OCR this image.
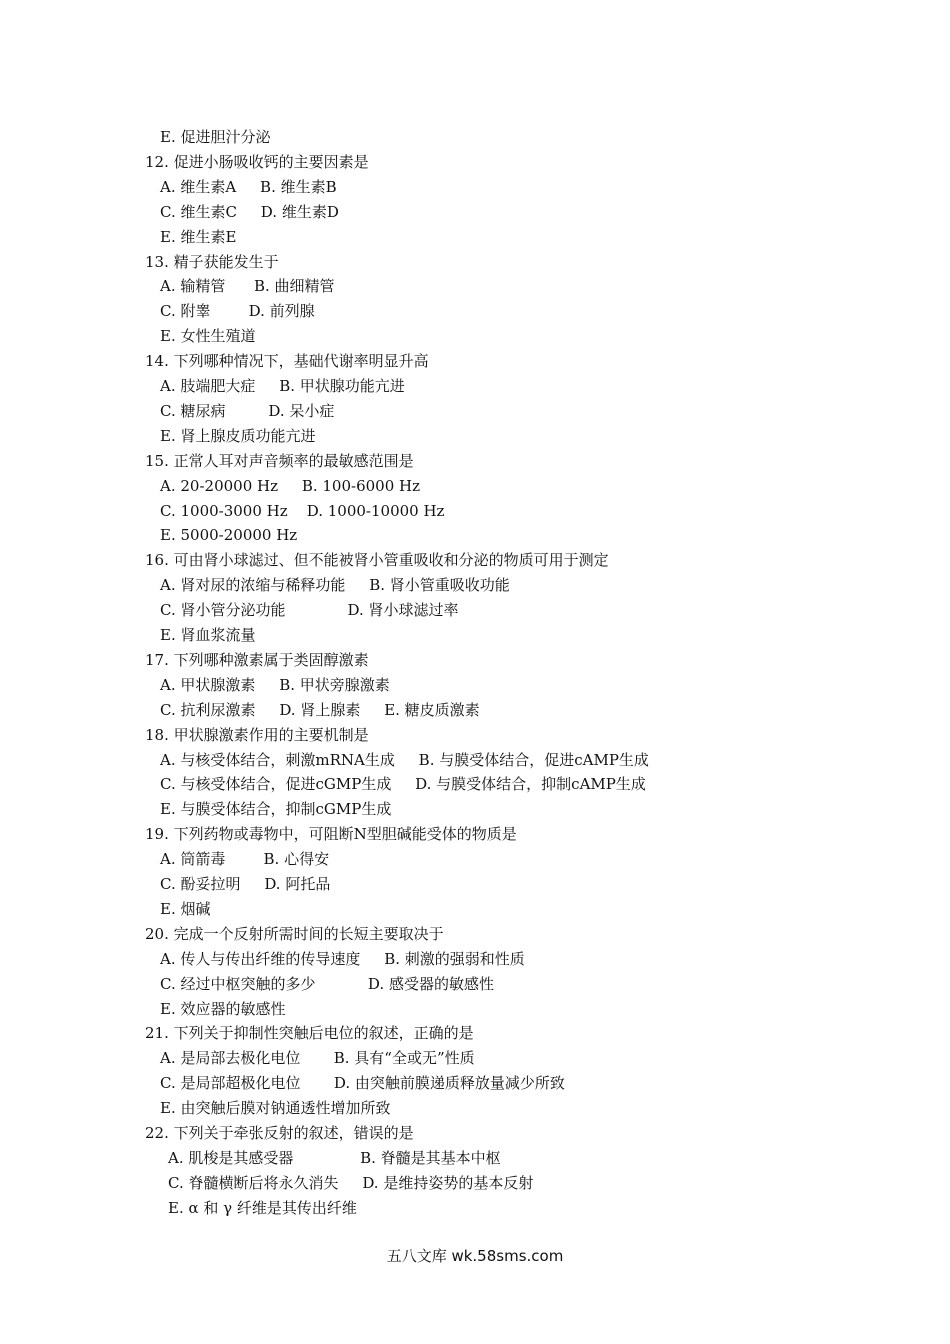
E. 促进胆汁分泌
12. 促进小肠吸收钙的主要因素是
A. 维生素A     B. 维生素B
C. 维生素C     D. 维生素D
E. 维生素E
13. 精子获能发生于
A. 输精管      B. 曲细精管
C. 附睾        D. 前列腺
E. 女性生殖道
14. 下列哪种情况下，基础代谢率明显升高
A. 肢端肥大症     B. 甲状腺功能亢进
C. 糖尿病         D. 呆小症
E. 肾上腺皮质功能亢进
15. 正常人耳对声音频率的最敏感范围是
A. 20-20000 Hz     B. 100-6000 Hz
C. 1000-3000 Hz    D. 1000-10000 Hz
E. 5000-20000 Hz
16. 可由肾小球滤过、但不能被肾小管重吸收和分泌的物质可用于测定
A. 肾对尿的浓缩与稀释功能     B. 肾小管重吸收功能
C. 肾小管分泌功能             D. 肾小球滤过率
E. 肾血浆流量
17. 下列哪种激素属于类固醇激素
A. 甲状腺激素     B. 甲状旁腺激素
C. 抗利尿激素     D. 肾上腺素     E. 糖皮质激素
18. 甲状腺激素作用的主要机制是
A. 与核受体结合，刺激mRNA生成     B. 与膜受体结合，促进cAMP生成
C. 与核受体结合，促进cGMP生成     D. 与膜受体结合，抑制cAMP生成
E. 与膜受体结合，抑制cGMP生成
19. 下列药物或毒物中，可阻断N型胆碱能受体的物质是
A. 筒箭毒        B. 心得安
C. 酚妥拉明     D. 阿托品
E. 烟碱
20. 完成一个反射所需时间的长短主要取决于
A. 传人与传出纤维的传导速度     B. 刺激的强弱和性质
C. 经过中枢突触的多少           D. 感受器的敏感性
E. 效应器的敏感性
21. 下列关于抑制性突触后电位的叙述，正确的是
A. 是局部去极化电位       B. 具有“全或无”性质
C. 是局部超极化电位       D. 由突触前膜递质释放量减少所致
E. 由突触后膜对钠通透性增加所致
22. 下列关于牵张反射的叙述，错误的是
A. 肌梭是其感受器              B. 脊髓是其基本中枢
C. 脊髓横断后将永久消失     D. 是维持姿势的基本反射
E. α 和 γ 纤维是其传出纤维
五八文库 wk.58sms.com
